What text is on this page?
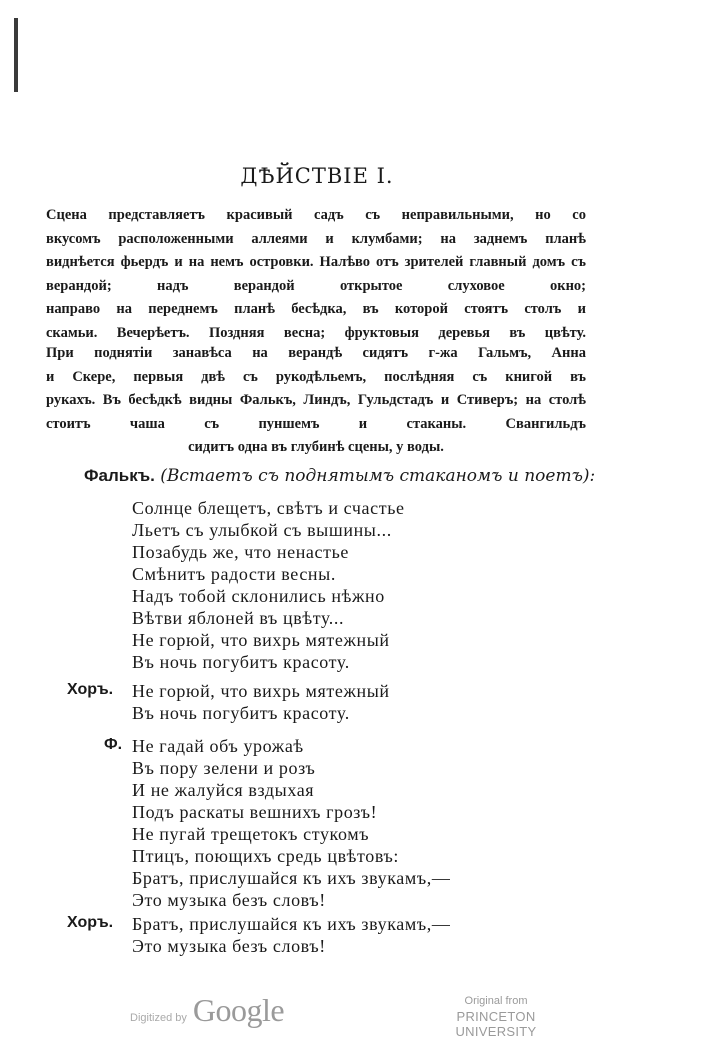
ДѢЙСТВIЕ I.
Сцена представляетъ красивый садъ съ неправильными, но со
вкусомъ расположенными аллеями и клумбами; на заднемъ планѣ
виднѣется фьердъ и на немъ островки. Налѣво отъ зрителей главный домъ съ верандой; надъ верандой открытое слуховое окно;
направо на переднемъ планѣ бесѣдка, въ которой стоятъ столъ и
скамьи. Вечерѣетъ. Поздняя весна; фруктовыя деревья въ цвѣту.
При поднятiи занавѣса на верандѣ сидятъ г-жа Гальмъ, Анна
и Скере, первыя двѣ съ рукодѣльемъ, послѣдняя съ книгой въ
рукахъ. Въ бесѣдкѣ видны Фалькъ, Линдъ, Гульдстадъ и Стиверъ; на столѣ стоитъ чаша съ пуншемъ и стаканы. Свангильдъ
сидитъ одна въ глубинѣ сцены, у воды.
Фалькъ. (Встаетъ съ поднятымъ стаканомъ и поетъ):
Солнце блещетъ, свѣтъ и счастье
Льетъ съ улыбкой съ вышины...
Позабудь же, что ненастье
Смѣнитъ радости весны.
Надъ тобой склонились нѣжно
Вѣтви яблоней въ цвѣту...
Не горюй, что вихрь мятежный
Въ ночь погубитъ красоту.
Хоръ. Не горюй, что вихрь мятежный
Въ ночь погубитъ красоту.
Ф. Не гадай объ урожаѣ
Въ пору зелени и розъ
И не жалуйся вздыхая
Подъ раскаты вешнихъ грозъ!
Не пугай трещетокъ стукомъ
Птицъ, поющихъ средь цвѣтовъ:
Братъ, прислушайся къ ихъ звукамъ,—
Это музыка безъ словъ!
Хоръ. Братъ, прислушайся къ ихъ звукамъ,—
Это музыка безъ словъ!
Digitized by Google	Original from
PRINCETON UNIVERSITY
